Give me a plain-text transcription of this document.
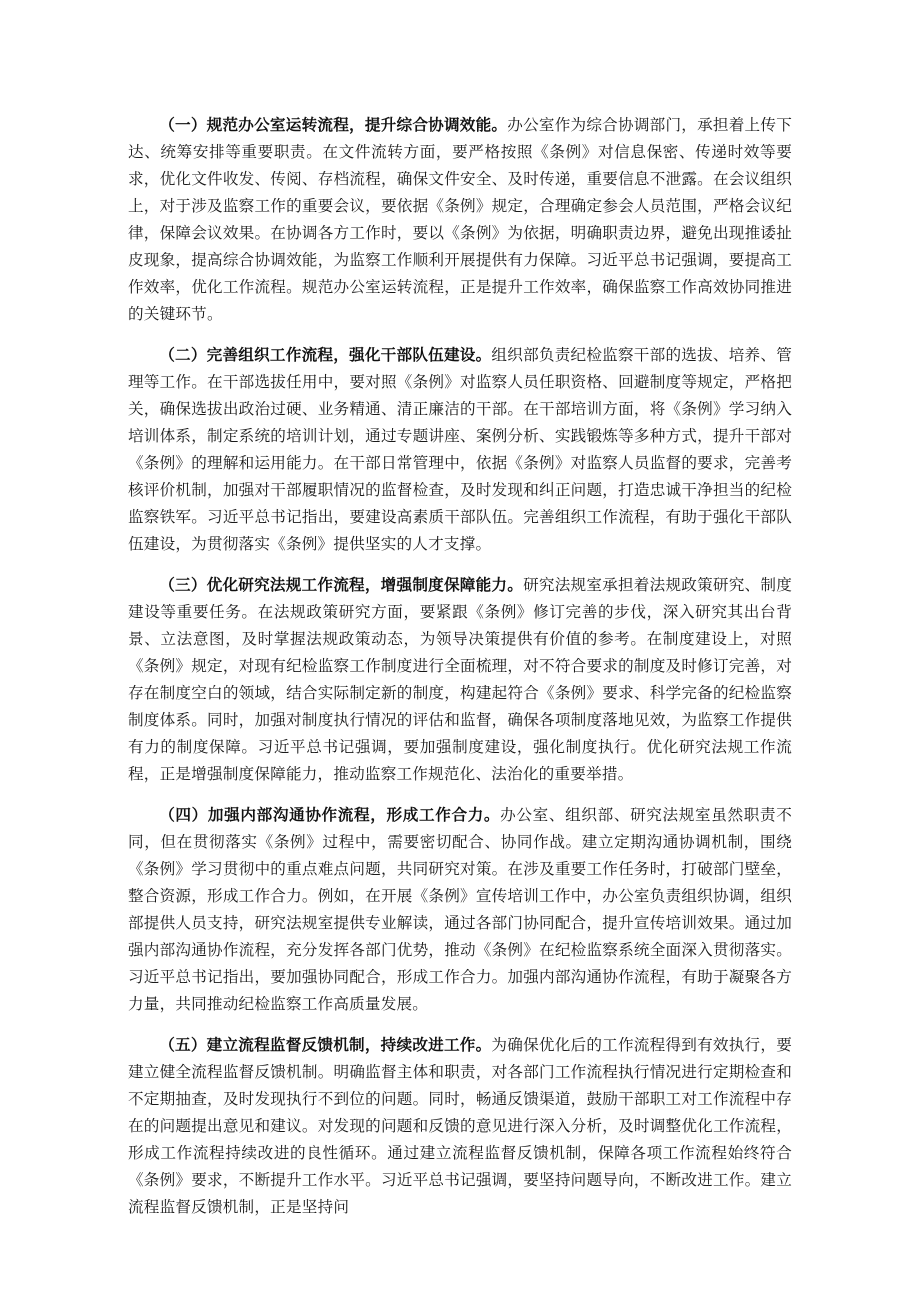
（一）规范办公室运转流程，提升综合协调效能。办公室作为综合协调部门，承担着上传下达、统筹安排等重要职责。在文件流转方面，要严格按照《条例》对信息保密、传递时效等要求，优化文件收发、传阅、存档流程，确保文件安全、及时传递，重要信息不泄露。在会议组织上，对于涉及监察工作的重要会议，要依据《条例》规定，合理确定参会人员范围，严格会议纪律，保障会议效果。在协调各方工作时，要以《条例》为依据，明确职责边界，避免出现推诿扯皮现象，提高综合协调效能，为监察工作顺利开展提供有力保障。习近平总书记强调，要提高工作效率，优化工作流程。规范办公室运转流程，正是提升工作效率，确保监察工作高效协同推进的关键环节。

（二）完善组织工作流程，强化干部队伍建设。组织部负责纪检监察干部的选拔、培养、管理等工作。在干部选拔任用中，要对照《条例》对监察人员任职资格、回避制度等规定，严格把关，确保选拔出政治过硬、业务精通、清正廉洁的干部。在干部培训方面，将《条例》学习纳入培训体系，制定系统的培训计划，通过专题讲座、案例分析、实践锻炼等多种方式，提升干部对《条例》的理解和运用能力。在干部日常管理中，依据《条例》对监察人员监督的要求，完善考核评价机制，加强对干部履职情况的监督检查，及时发现和纠正问题，打造忠诚干净担当的纪检监察铁军。习近平总书记指出，要建设高素质干部队伍。完善组织工作流程，有助于强化干部队伍建设，为贯彻落实《条例》提供坚实的人才支撑。

（三）优化研究法规工作流程，增强制度保障能力。研究法规室承担着法规政策研究、制度建设等重要任务。在法规政策研究方面，要紧跟《条例》修订完善的步伐，深入研究其出台背景、立法意图，及时掌握法规政策动态，为领导决策提供有价值的参考。在制度建设上，对照《条例》规定，对现有纪检监察工作制度进行全面梳理，对不符合要求的制度及时修订完善，对存在制度空白的领域，结合实际制定新的制度，构建起符合《条例》要求、科学完备的纪检监察制度体系。同时，加强对制度执行情况的评估和监督，确保各项制度落地见效，为监察工作提供有力的制度保障。习近平总书记强调，要加强制度建设，强化制度执行。优化研究法规工作流程，正是增强制度保障能力，推动监察工作规范化、法治化的重要举措。

（四）加强内部沟通协作流程，形成工作合力。办公室、组织部、研究法规室虽然职责不同，但在贯彻落实《条例》过程中，需要密切配合、协同作战。建立定期沟通协调机制，围绕《条例》学习贯彻中的重点难点问题，共同研究对策。在涉及重要工作任务时，打破部门壁垒，整合资源，形成工作合力。例如，在开展《条例》宣传培训工作中，办公室负责组织协调，组织部提供人员支持，研究法规室提供专业解读，通过各部门协同配合，提升宣传培训效果。通过加强内部沟通协作流程，充分发挥各部门优势，推动《条例》在纪检监察系统全面深入贯彻落实。习近平总书记指出，要加强协同配合，形成工作合力。加强内部沟通协作流程，有助于凝聚各方力量，共同推动纪检监察工作高质量发展。

（五）建立流程监督反馈机制，持续改进工作。为确保优化后的工作流程得到有效执行，要建立健全流程监督反馈机制。明确监督主体和职责，对各部门工作流程执行情况进行定期检查和不定期抽查，及时发现执行不到位的问题。同时，畅通反馈渠道，鼓励干部职工对工作流程中存在的问题提出意见和建议。对发现的问题和反馈的意见进行深入分析，及时调整优化工作流程，形成工作流程持续改进的良性循环。通过建立流程监督反馈机制，保障各项工作流程始终符合《条例》要求，不断提升工作水平。习近平总书记强调，要坚持问题导向，不断改进工作。建立流程监督反馈机制，正是坚持问
